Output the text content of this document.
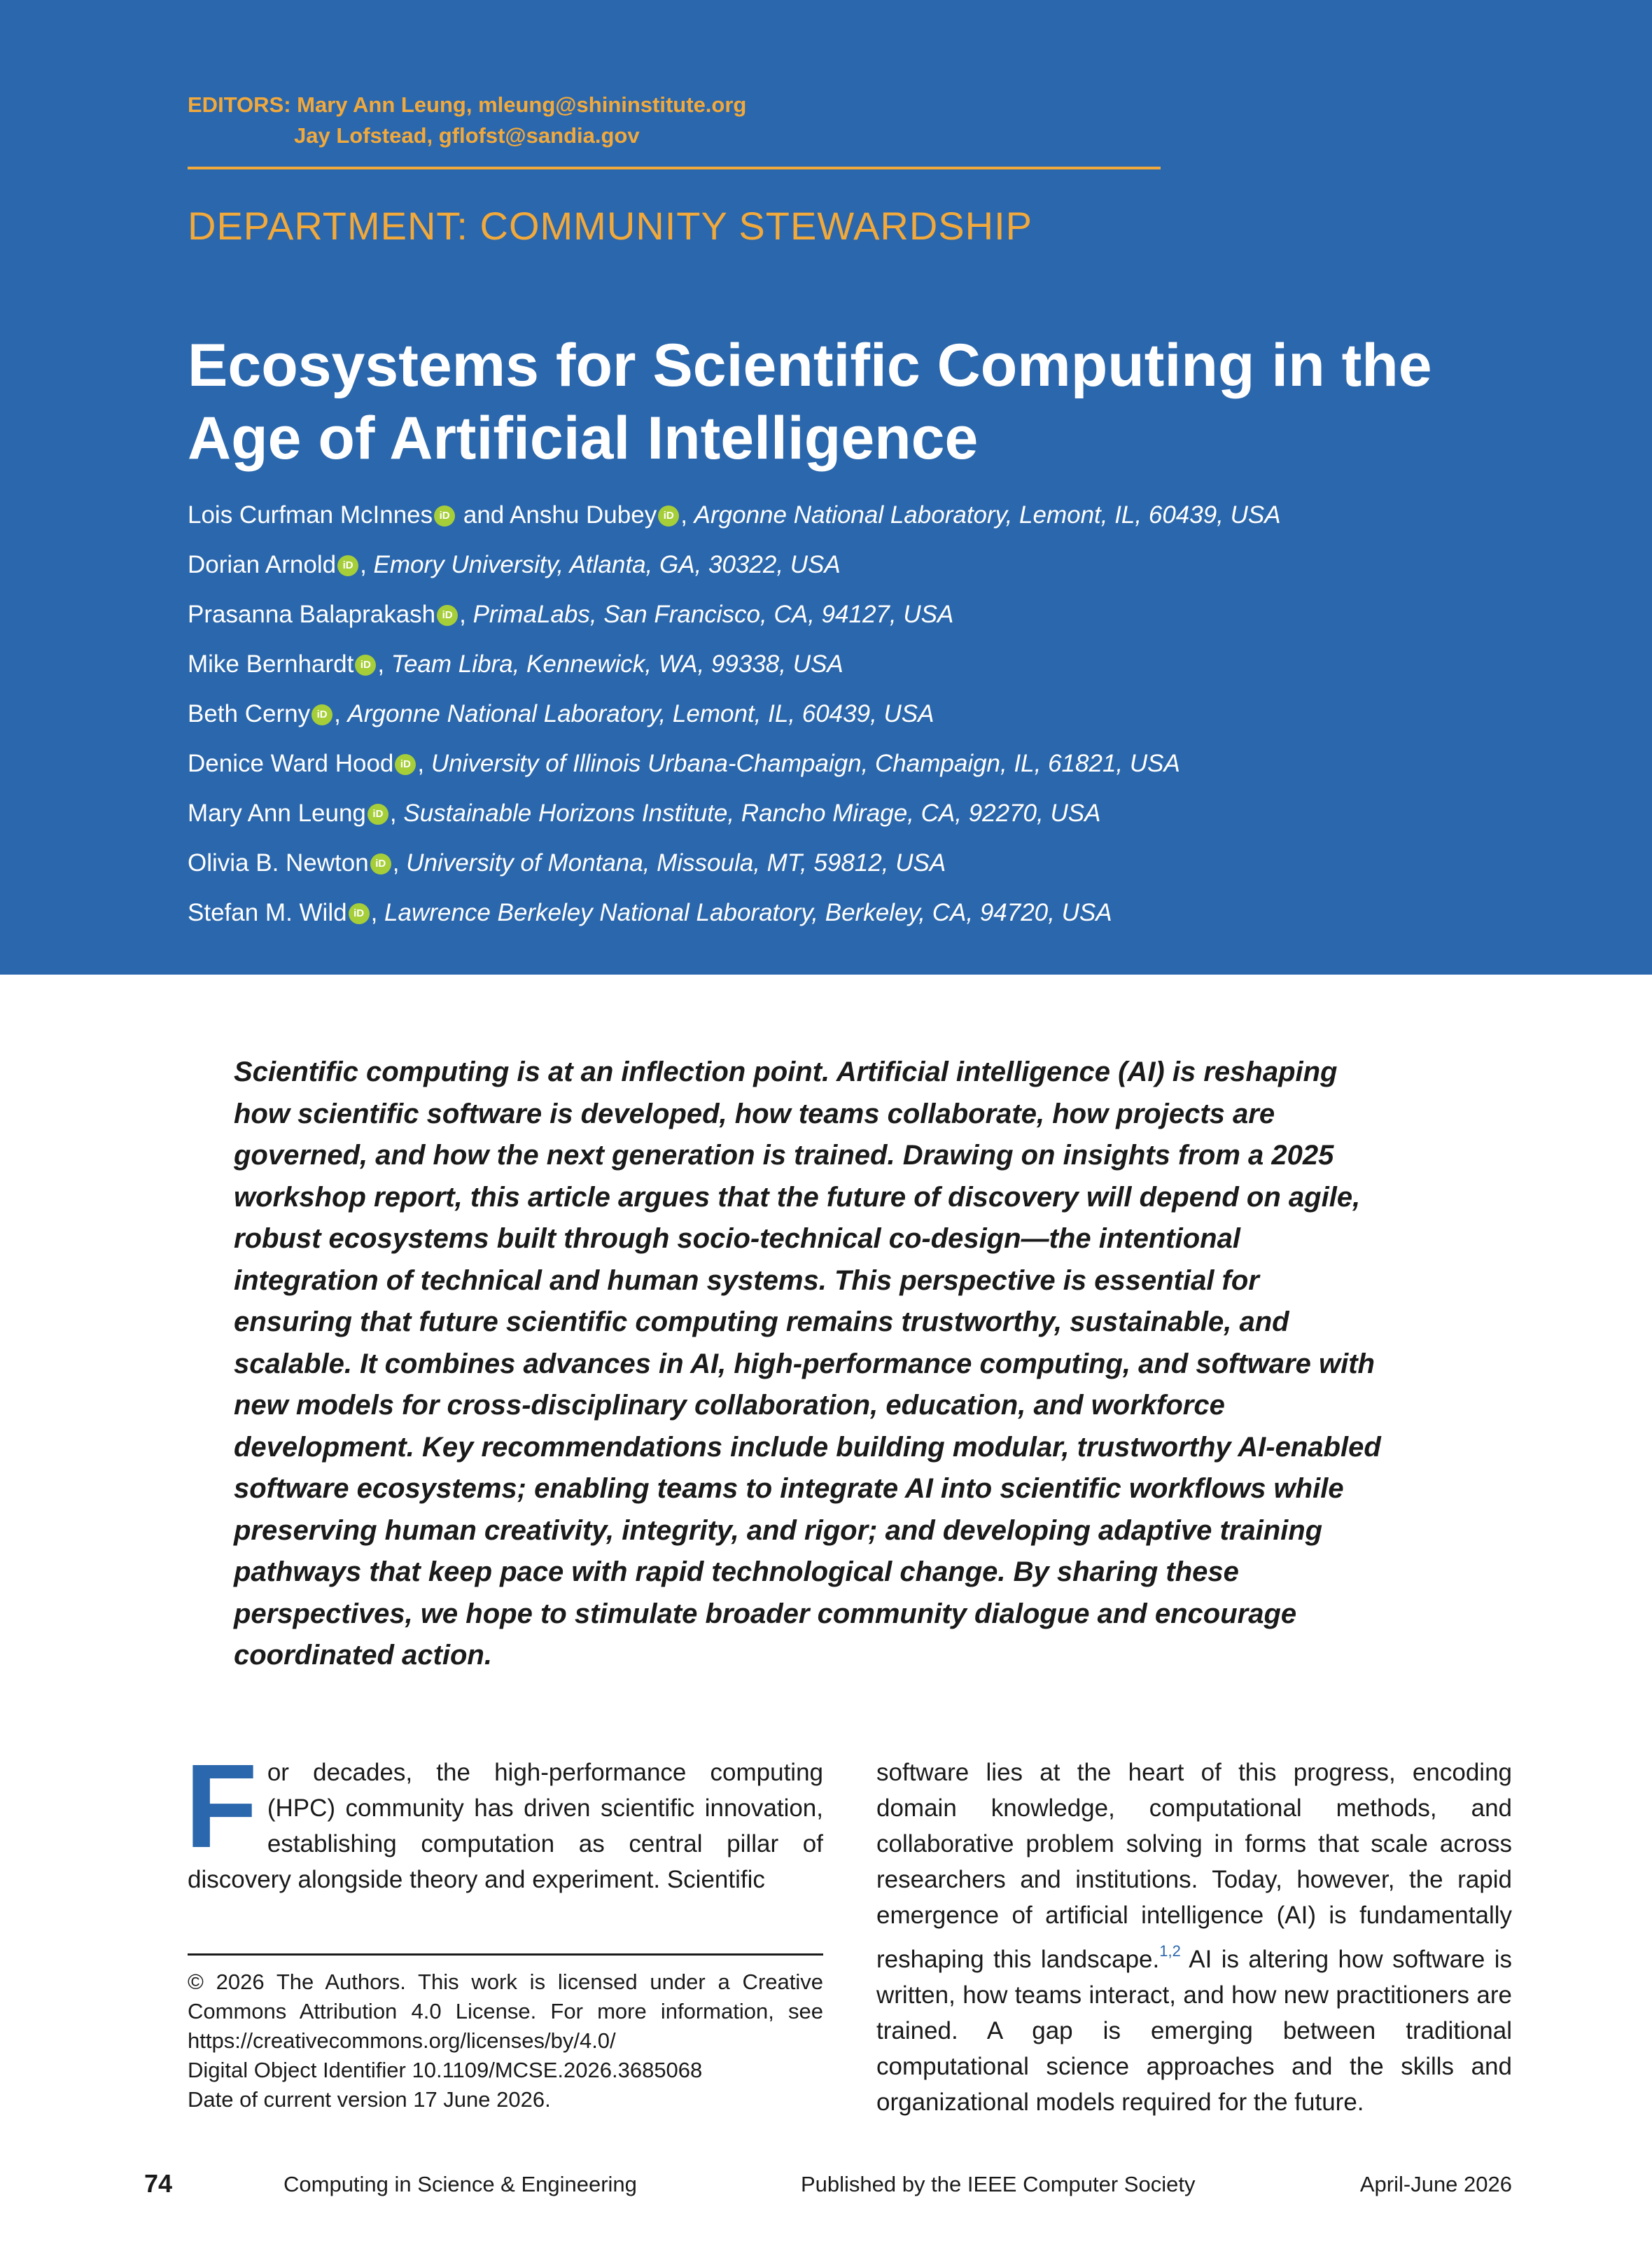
EDITORS: Mary Ann Leung, mleung@shininstitute.org
Jay Lofstead, gflofst@sandia.gov
DEPARTMENT: COMMUNITY STEWARDSHIP
Ecosystems for Scientific Computing in the Age of Artificial Intelligence
Lois Curfman McInnes iD and Anshu Dubey iD , Argonne National Laboratory, Lemont, IL, 60439, USA
Dorian Arnold iD , Emory University, Atlanta, GA, 30322, USA
Prasanna Balaprakash iD , PrimaLabs, San Francisco, CA, 94127, USA
Mike Bernhardt iD , Team Libra, Kennewick, WA, 99338, USA
Beth Cerny iD , Argonne National Laboratory, Lemont, IL, 60439, USA
Denice Ward Hood iD , University of Illinois Urbana-Champaign, Champaign, IL, 61821, USA
Mary Ann Leung iD , Sustainable Horizons Institute, Rancho Mirage, CA, 92270, USA
Olivia B. Newton iD , University of Montana, Missoula, MT, 59812, USA
Stefan M. Wild iD , Lawrence Berkeley National Laboratory, Berkeley, CA, 94720, USA

Scientific computing is at an inflection point. Artificial intelligence (AI) is reshaping how scientific software is developed, how teams collaborate, how projects are governed, and how the next generation is trained. Drawing on insights from a 2025 workshop report, this article argues that the future of discovery will depend on agile, robust ecosystems built through socio-technical co-design—the intentional integration of technical and human systems. This perspective is essential for ensuring that future scientific computing remains trustworthy, sustainable, and scalable. It combines advances in AI, high-performance computing, and software with new models for cross-disciplinary collaboration, education, and workforce development. Key recommendations include building modular, trustworthy AI-enabled software ecosystems; enabling teams to integrate AI into scientific workflows while preserving human creativity, integrity, and rigor; and developing adaptive training pathways that keep pace with rapid technological change. By sharing these perspectives, we hope to stimulate broader community dialogue and encourage coordinated action.

F or decades, the high-performance computing (HPC) community has driven scientific innovation, establishing computation as central pillar of discovery alongside theory and experiment. Scientific

© 2026 The Authors. This work is licensed under a Creative Commons Attribution 4.0 License. For more information, see https://creativecommons.org/licenses/by/4.0/
Digital Object Identifier 10.1109/MCSE.2026.3685068
Date of current version 17 June 2026.

software lies at the heart of this progress, encoding domain knowledge, computational methods, and collaborative problem solving in forms that scale across researchers and institutions. Today, however, the rapid emergence of artificial intelligence (AI) is fundamentally reshaping this landscape.$^{1,2}$ AI is altering how software is written, how teams interact, and how new practitioners are trained. A gap is emerging between traditional computational science approaches and the skills and organizational models required for the future.

74	Computing in Science & Engineering	Published by the IEEE Computer Society	April-June 2026
